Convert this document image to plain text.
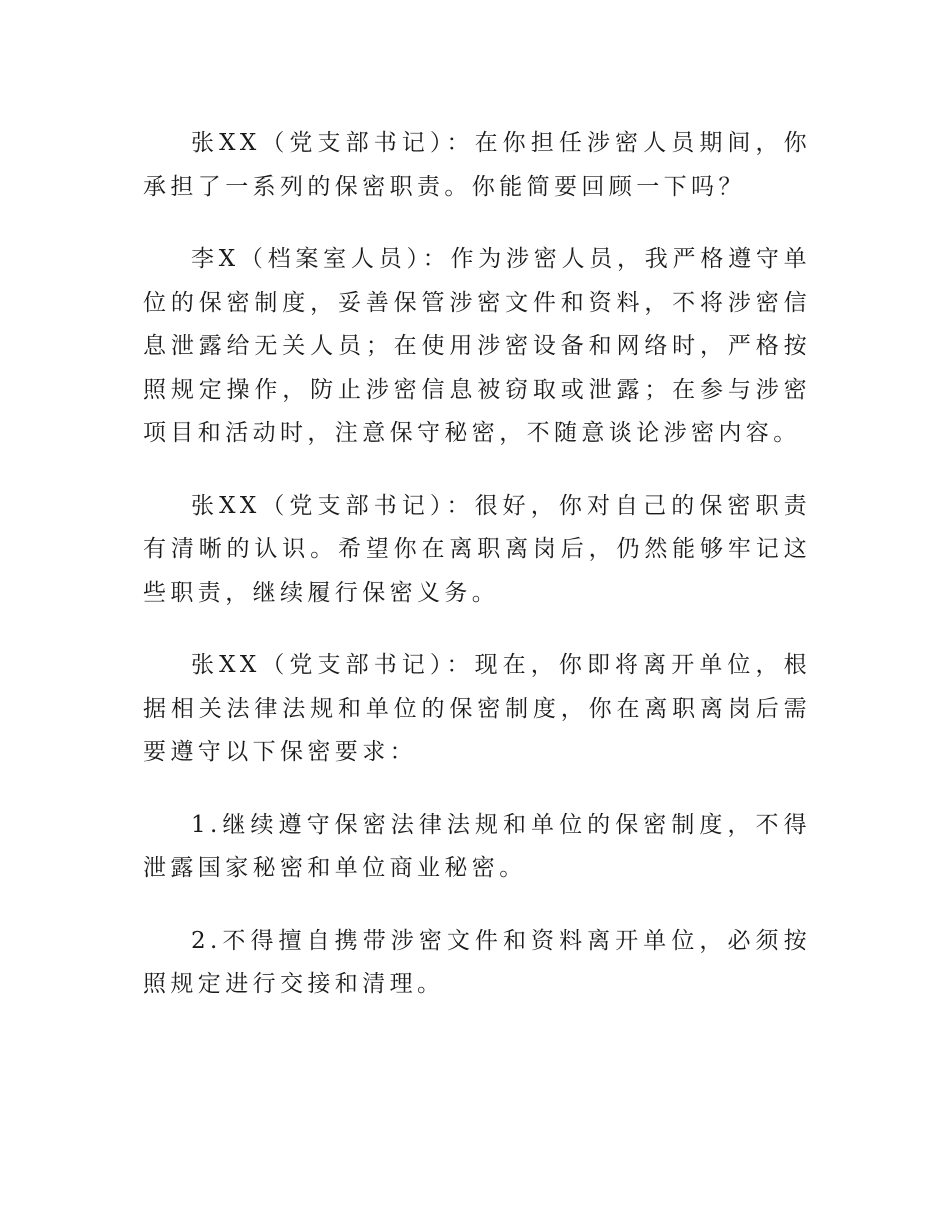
张XX（党支部书记）：在你担任涉密人员期间，你承担了一系列的保密职责。你能简要回顾一下吗？

李X（档案室人员）：作为涉密人员，我严格遵守单位的保密制度，妥善保管涉密文件和资料，不将涉密信息泄露给无关人员；在使用涉密设备和网络时，严格按照规定操作，防止涉密信息被窃取或泄露；在参与涉密项目和活动时，注意保守秘密，不随意谈论涉密内容。

张XX（党支部书记）：很好，你对自己的保密职责有清晰的认识。希望你在离职离岗后，仍然能够牢记这些职责，继续履行保密义务。

张XX（党支部书记）：现在，你即将离开单位，根据相关法律法规和单位的保密制度，你在离职离岗后需要遵守以下保密要求：

1.继续遵守保密法律法规和单位的保密制度，不得泄露国家秘密和单位商业秘密。

2.不得擅自携带涉密文件和资料离开单位，必须按照规定进行交接和清理。
